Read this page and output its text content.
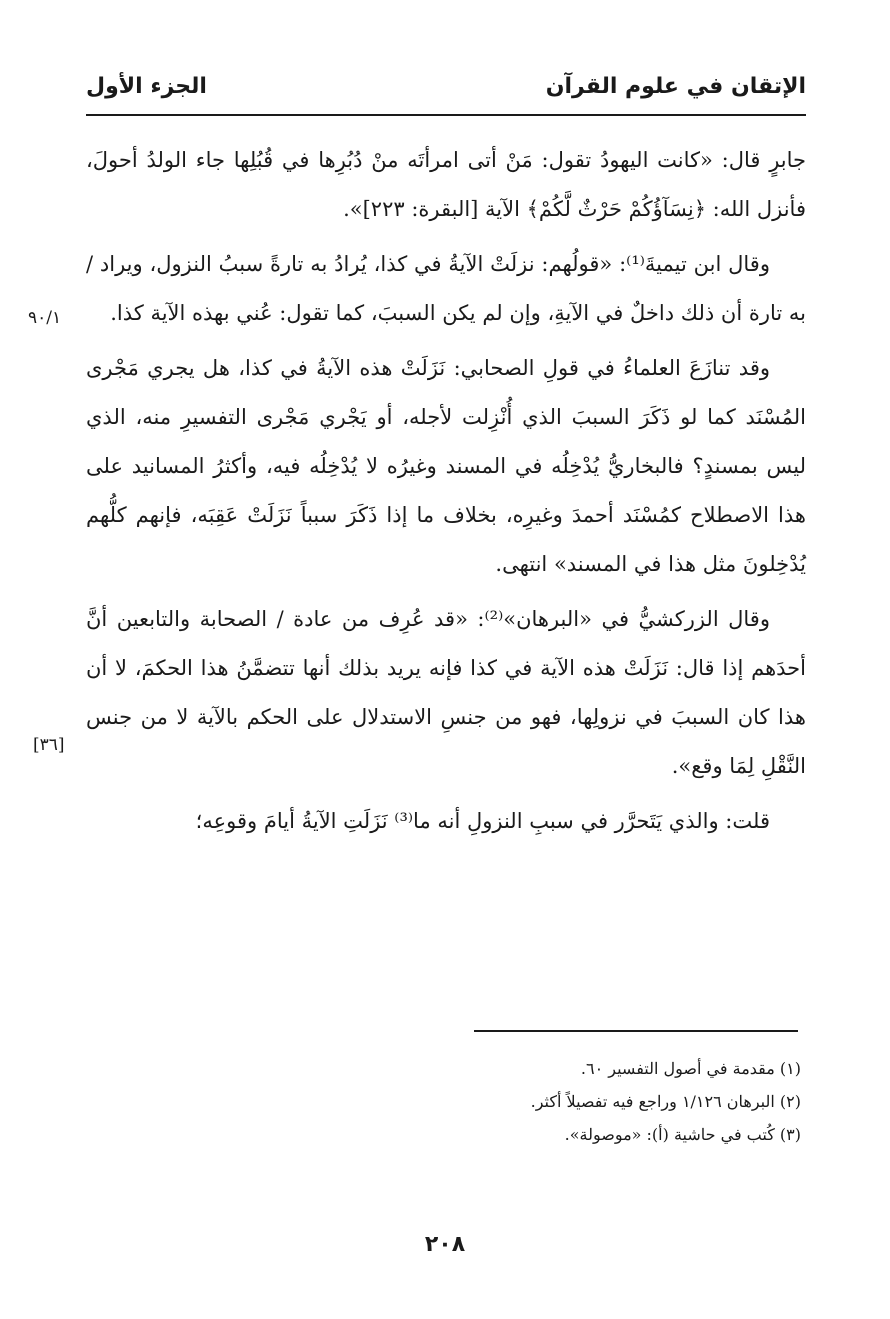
الإتقان في علوم القرآن
الجزء الأول

جابرٍ قال: «كانت اليهودُ تقول: مَنْ أتى امرأتَه منْ دُبُرِها في قُبُلِها جاء الولدُ أحولَ، فأنزل الله: ﴿نِسَآؤُكُمْ حَرْثٌ لَّكُمْ﴾ الآية [البقرة: ٢٢٣]».

وقال ابن تيميةَ⁽¹⁾: «قولُهم: نزلَتْ الآيةُ في كذا، يُرادُ به تارةً سببُ النزول، ويراد / به تارة أن ذلك داخلٌ في الآيةِ، وإن لم يكن السببَ، كما تقول: عُني بهذه الآية كذا.

وقد تنازَعَ العلماءُ في قولِ الصحابي: نَزَلَتْ هذه الآيةُ في كذا، هل يجري مَجْرى المُسْنَد كما لو ذَكَرَ السببَ الذي أُنْزِلت لأجله، أو يَجْري مَجْرى التفسيرِ منه، الذي ليس بمسندٍ؟ فالبخاريُّ يُدْخِلُه في المسند وغيرُه لا يُدْخِلُه فيه، وأكثرُ المسانيد على هذا الاصطلاح كمُسْنَد أحمدَ وغيرِه، بخلاف ما إذا ذَكَرَ سبباً نَزَلَتْ عَقِبَه، فإنهم كلُّهم يُدْخِلونَ مثل هذا في المسند» انتهى.

وقال الزركشيُّ في «البرهان»⁽²⁾: «قد عُرِف من عادة / الصحابة والتابعين أنَّ أحدَهم إذا قال: نَزَلَتْ هذه الآية في كذا فإنه يريد بذلك أنها تتضمَّنُ هذا الحكمَ، لا أن هذا كان السببَ في نزولِها، فهو من جنسِ الاستدلال على الحكم بالآية لا من جنس النَّقْلِ لِمَا وقع».

قلت: والذي يَتَحرَّر في سببِ النزولِ أنه ما⁽³⁾ نَزَلَتِ الآيةُ أيامَ وقوعِه؛

٩٠/١
[٣٦]
(١) مقدمة في أصول التفسير ٦٠.
(٢) البرهان ١/١٢٦ وراجع فيه تفصيلاً أكثر.
(٣) كُتب في حاشية (أ): «موصولة».
٢٠٨
